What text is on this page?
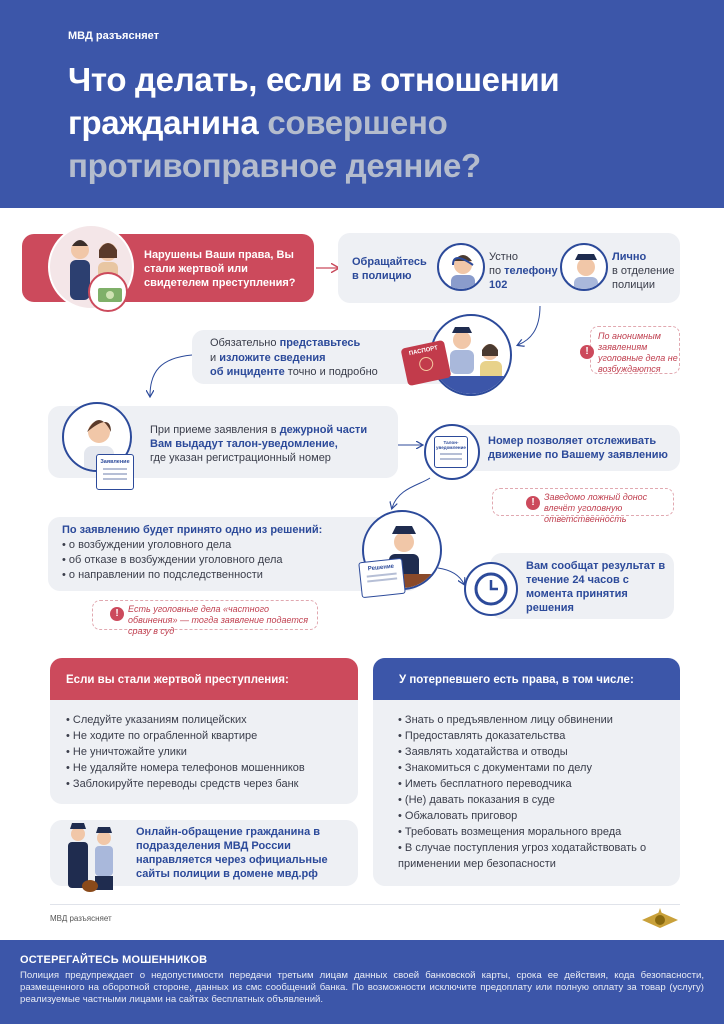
МВД разъясняет
Что делать, если в отношении
гражданина совершено
противоправное деяние?
Нарушены Ваши права, Вы стали жертвой или свидетелем преступления?
Обращайтесь в полицию
Устно
по телефону
102
Лично
в отделение полиции
!
По анонимным заявлениям уголовные дела не возбуждаются
Обязательно представьтесь
и изложите сведения
об инциденте точно и подробно
ПАСПОРТ
Заявление
При приеме заявления в дежурной части
Вам выдадут талон-уведомление,
где указан регистрационный номер
Талон-уведомление
Номер позволяет отслеживать движение по Вашему заявлению
!	Заведомо ложный донос влечёт уголовную ответственность
По заявлению будет принято одно из решений:
• о возбуждении уголовного дела
• об отказе в возбуждении уголовного дела
• о направлении по подследственности
Решение	Вам сообщат результат в течение 24 часов с момента принятия решения
!	Есть уголовные дела «частного обвинения» — тогда заявление подается сразу в суд
Если вы стали жертвой преступления:
• Следуйте указаниям полицейских
• Не ходите по ограбленной квартире
• Не уничтожайте улики
• Не удаляйте номера телефонов мошенников
• Заблокируйте переводы средств через банк
Онлайн-обращение гражданина в подразделения МВД России направляется через официальные сайты полиции в домене мвд.рф
У потерпевшего есть права, в том числе:
• Знать о предъявленном лицу обвинении
• Предоставлять доказательства
• Заявлять ходатайства и отводы
• Знакомиться с документами по делу
• Иметь бесплатного переводчика
• (Не) давать показания в суде
• Обжаловать приговор
• Требовать возмещения морального вреда
• В случае поступления угроз ходатайствовать о применении мер безопасности
МВД разъясняет
ОСТЕРЕГАЙТЕСЬ МОШЕННИКОВ

Полиция предупреждает о недопустимости передачи третьим лицам данных своей банковской карты, срока ее действия, кода безопасности, размещенного на оборотной стороне, данных из смс сообщений банка. По возможности исключите предоплату или полную оплату за товар (услугу) реализуемые частными лицами на сайтах бесплатных объявлений.
